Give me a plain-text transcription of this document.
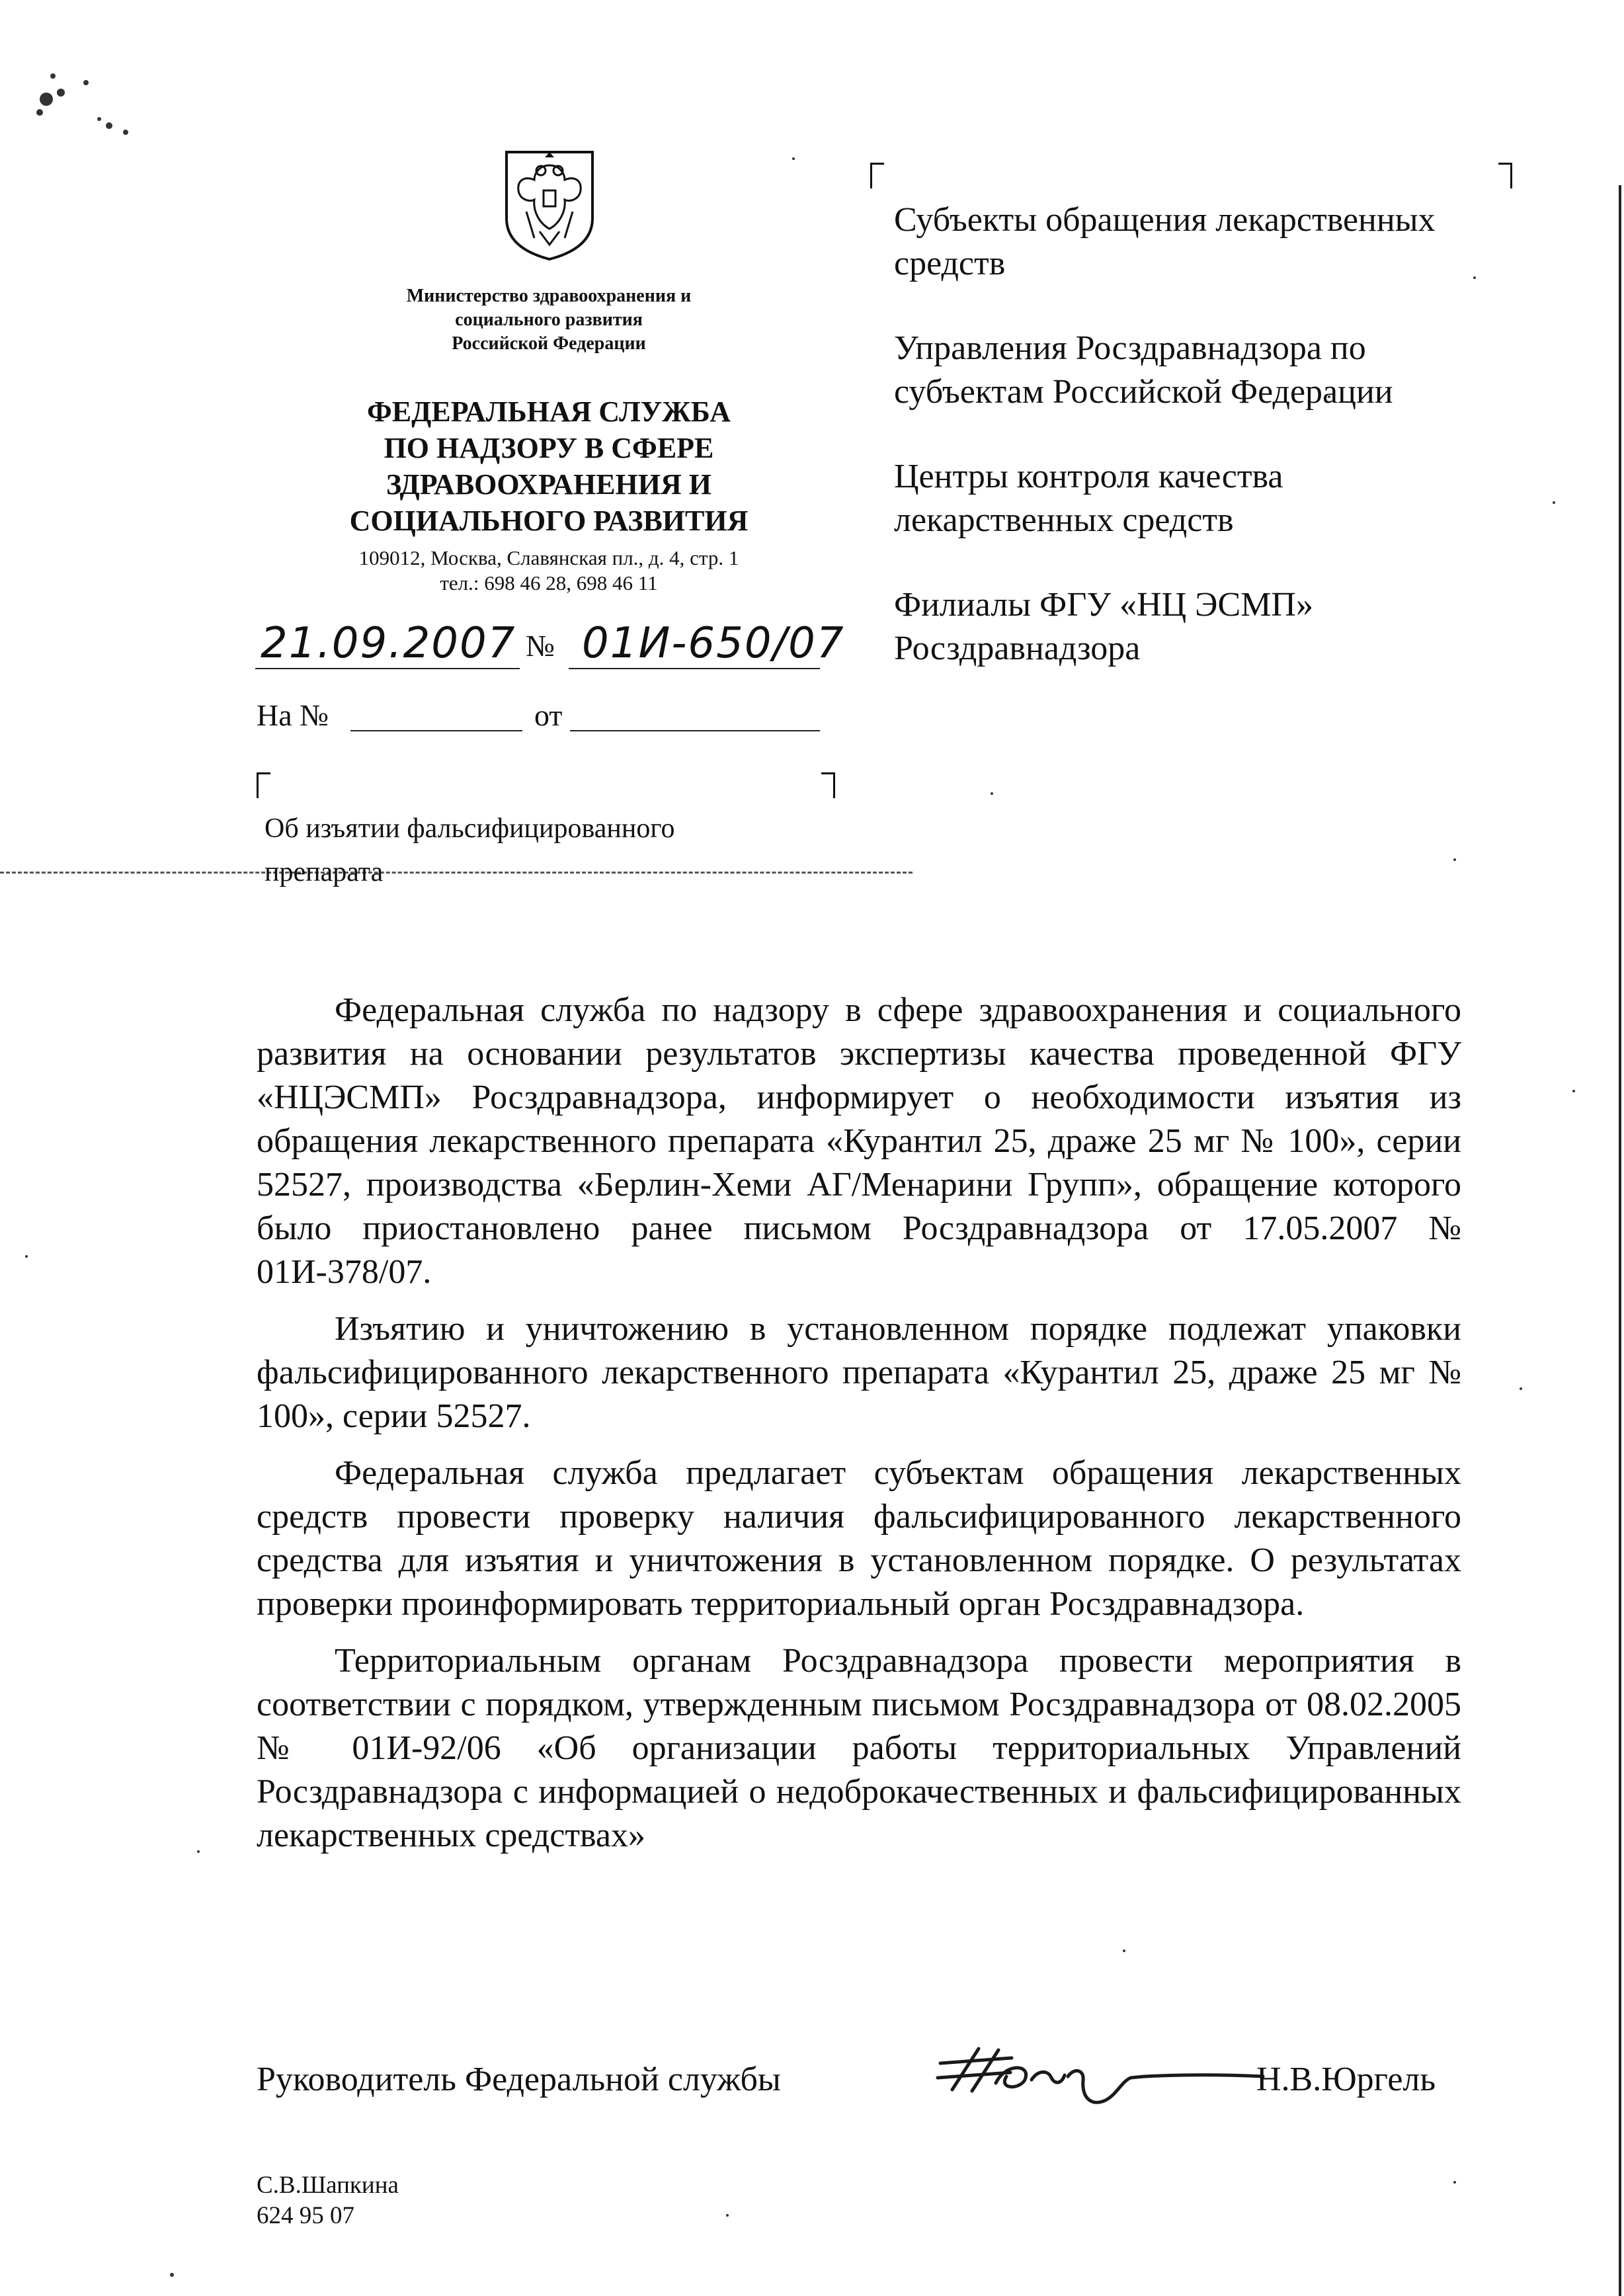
Министерство здравоохранения и
социального развития
Российской Федерации
ФЕДЕРАЛЬНАЯ СЛУЖБА
ПО НАДЗОРУ В СФЕРЕ
ЗДРАВООХРАНЕНИЯ И
СОЦИАЛЬНОГО РАЗВИТИЯ
109012, Москва, Славянская пл., д. 4, стр. 1
тел.: 698 46 28, 698 46 11
21.09.2007 № 01И-650/07
На №	от
Об изъятии фальсифицированного
препарата
Субъекты обращения лекарственных
средств
Управления Росздравнадзора по
субъектам Российской Федерации
Центры контроля качества
лекарственных средств
Филиалы ФГУ «НЦ ЭСМП»
Росздравнадзора

Федеральная служба по надзору в сфере здравоохранения и социального развития на основании результатов экспертизы качества проведенной ФГУ «НЦЭСМП» Росздравнадзора, информирует о необходимости изъятия из обращения лекарственного препарата «Курантил 25, драже 25 мг № 100», серии 52527, производства «Берлин-Хеми АГ/Менарини Групп», обращение которого было приостановлено ранее письмом Росздравнадзора от 17.05.2007 № 01И-378/07.

Изъятию и уничтожению в установленном порядке подлежат упаковки фальсифицированного лекарственного препарата «Курантил 25, драже 25 мг № 100», серии 52527.

Федеральная служба предлагает субъектам обращения лекарственных средств провести проверку наличия фальсифицированного лекарственного средства для изъятия и уничтожения в установленном порядке. О результатах проверки проинформировать территориальный орган Росздравнадзора.

Территориальным органам Росздравнадзора провести мероприятия в соответствии с порядком, утвержденным письмом Росздравнадзора от 08.02.2005 № 01И-92/06 «Об организации работы территориальных Управлений Росздравнадзора с информацией о недоброкачественных и фальсифицированных лекарственных средствах»

Руководитель Федеральной службы	Н.В.Юргель
С.В.Шапкина
624 95 07
